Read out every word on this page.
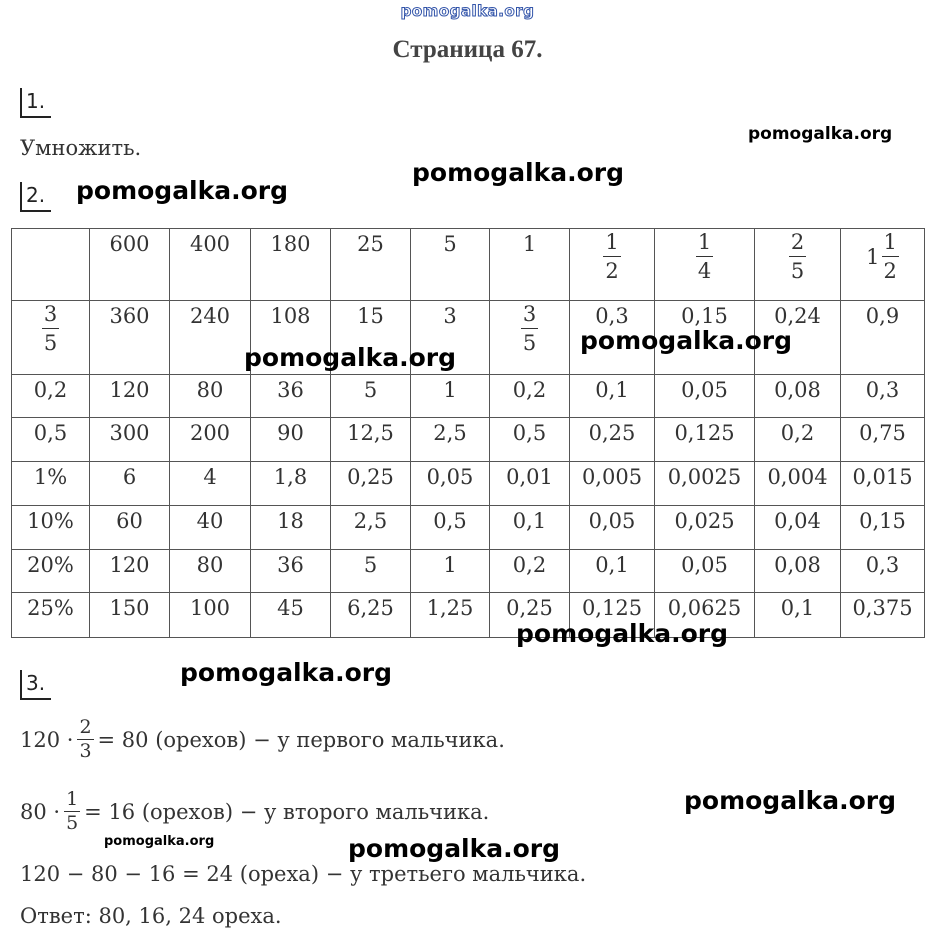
pomogalka.org
Страница 67.
1.
Умножить.
2.
	600	400	180	25	5	1	$\frac{1}{2}$	$\frac{1}{4}$	$\frac{2}{5}$	$1 \frac{1}{2}$

$\frac{3}{5}$	360	240	108	15	3	$\frac{3}{5}$	0,3	0,15	0,24	0,9
0,2	120	80	36	5	1	0,2	0,1	0,05	0,08	0,3
0,5	300	200	90	12,5	2,5	0,5	0,25	0,125	0,2	0,75
1%	6	4	1,8	0,25	0,05	0,01	0,005	0,0025	0,004	0,015
10%	60	40	18	2,5	0,5	0,1	0,05	0,025	0,04	0,15
20%	120	80	36	5	1	0,2	0,1	0,05	0,08	0,3
25%	150	100	45	6,25	1,25	0,25	0,125	0,0625	0,1	0,375
3.
$120 \cdot \frac{2}{3} = 80$ (орехов) − у первого мальчика.
$80 \cdot \frac{1}{5} = 16$ (орехов) − у второго мальчика.
120 − 80 − 16 = 24 (ореха) − у третьего мальчика.
Ответ: 80, 16, 24 ореха.
pomogalka.org
pomogalka.org
pomogalka.org
pomogalka.org
pomogalka.org
pomogalka.org
pomogalka.org
pomogalka.org
pomogalka.org	pomogalka.org
